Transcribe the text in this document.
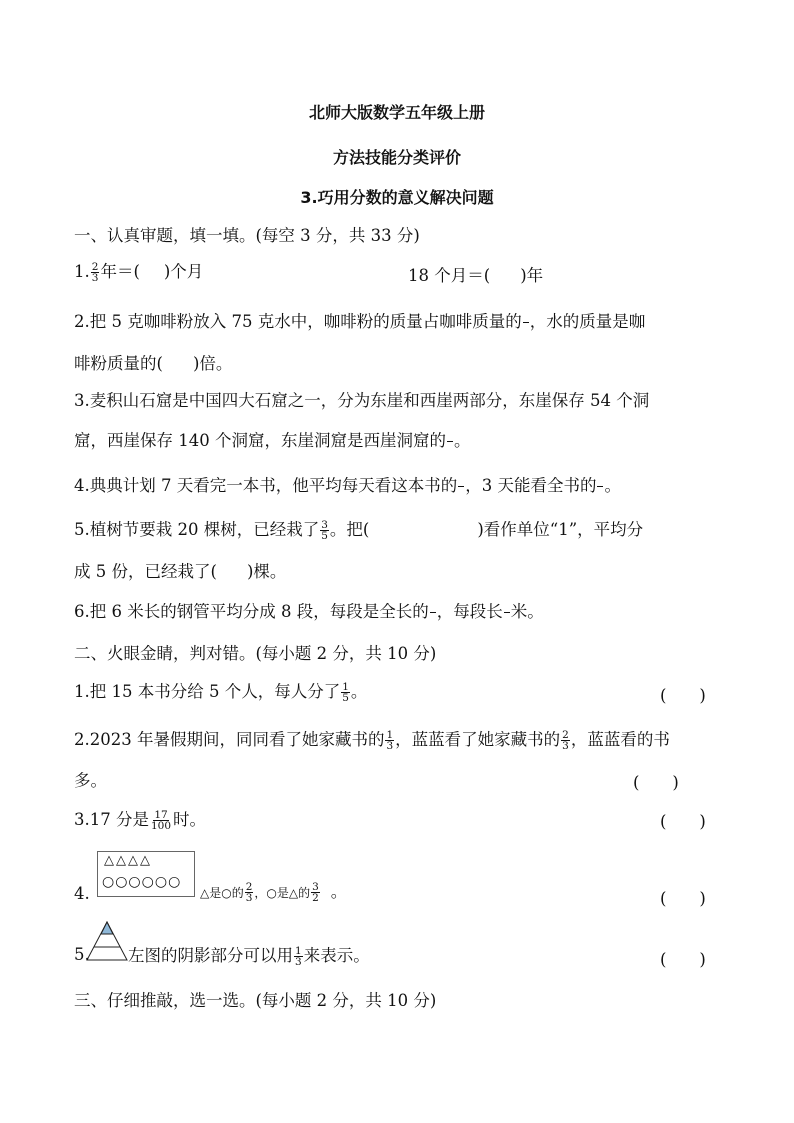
北师大版数学五年级上册
方法技能分类评价
3.巧用分数的意义解决问题
一、认真审题，填一填。(每空 3 分，共 33 分)
1. $\frac{2}{3}$ 年＝( )个月	18 个月＝( )年
2.把 5 克咖啡粉放入 75 克水中，咖啡粉的质量占咖啡质量的

，水的质量是咖
啡粉质量的( )倍。
3.麦积山石窟是中国四大石窟之一，分为东崖和西崖两部分，东崖保存 54 个洞
窟，西崖保存 140 个洞窟，东崖洞窟是西崖洞窟的

。
4.典典计划 7 天看完一本书，他平均每天看这本书的

，3 天能看全书的

。
5.植树节要栽 20 棵树，已经栽了 $\frac{3}{5}$ 。把(	)看作单位“1”，平均分
成 5 份，已经栽了( )棵。
6.把 6 米长的钢管平均分成 8 段，每段是全长的

，每段长

米。
二、火眼金睛，判对错。(每小题 2 分，共 10 分)
1.把 15 本书分给 5 个人，每人分了 $\frac{1}{5}$ 。	(　　)
2.2023 年暑假期间，同同看了她家藏书的 $\frac{1}{3}$ ，蓝蓝看了她家藏书的 $\frac{2}{3}$ ，蓝蓝看的书
多。	(　　)
3.17 分是 $\frac{17}{100}$ 时。	(　　)
△△△△
○○○○○○
4.	△是○的 $\frac{2}{3}$ ，○是△的 $\frac{3}{2}$ 。	(　　)
5. 左图的阴影部分可以用 $\frac{1}{3}$ 来表示。	(　　)
三、仔细推敲，选一选。(每小题 2 分，共 10 分)
